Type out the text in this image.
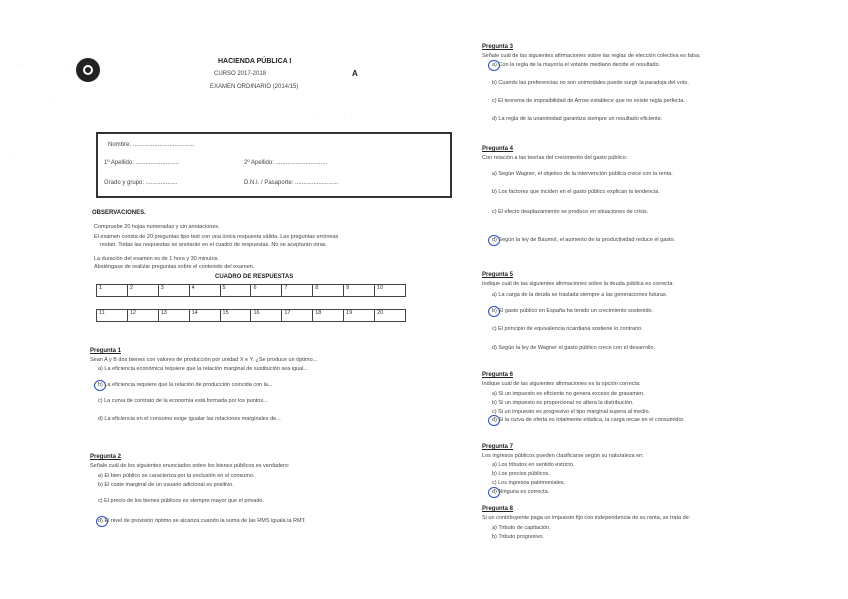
HACIENDA PÚBLICA I
CURSO 2017-2018	A
EXAMEN ORDINARIO (2014/15)
Nombre: .....................................
1º Apellido: ..........................	2º Apellido: ...............................
Grado y grupo: ...................	D.N.I. / Pasaporte: ..........................
OBSERVACIONES.
Compruebe 20 hojas numeradas y sin anotaciones.
El examen consta de 20 preguntas tipo test con una única respuesta válida. Las preguntas erróneas
restan. Todas las respuestas se anotarán en el cuadro de respuestas. No se aceptarán otras.
La duración del examen es de 1 hora y 30 minutos.
Absténgase de realizar preguntas sobre el contenido del examen.
CUADRO DE RESPUESTAS
1	2	3	4	5	6	7	8	9	10

11	12	13	14	15	16	17	18	19	20
Pregunta 1
Sean A y B dos bienes con valores de producción por unidad X e Y. ¿Se produce un óptimo...
a) La eficiencia económica requiere que la relación marginal de sustitución sea igual...
b) La eficiencia requiere que la relación de producción coincida con la...
c) La curva de contrato de la economía está formada por los puntos...
d) La eficiencia en el consumo exige igualar las relaciones marginales de...
Pregunta 2
Señale cuál de los siguientes enunciados sobre los bienes públicos es verdadero:
a) El bien público se caracteriza por la exclusión en el consumo.
b) El coste marginal de un usuario adicional es positivo.
c) El precio de los bienes públicos es siempre mayor que el privado.
d) El nivel de provisión óptimo se alcanza cuando la suma de las RMS iguala la RMT.
. . : · . : . · . · : . . ·
· . : . . · . : ·
. · : . . · . : · . .
. : · .
Pregunta 3
Señale cuál de las siguientes afirmaciones sobre las reglas de elección colectiva es falsa:
a) Con la regla de la mayoría el votante mediano decide el resultado.
b) Cuando las preferencias no son unimodales puede surgir la paradoja del voto.
c) El teorema de imposibilidad de Arrow establece que no existe regla perfecta.
d) La regla de la unanimidad garantiza siempre un resultado eficiente.
Pregunta 4
Con relación a las teorías del crecimiento del gasto público:
a) Según Wagner, el objetivo de la intervención pública crece con la renta.
b) Los factores que inciden en el gasto público explican la tendencia.
c) El efecto desplazamiento se produce en situaciones de crisis.
d) Según la ley de Baumol, el aumento de la productividad reduce el gasto.
Pregunta 5
Indique cuál de las siguientes afirmaciones sobre la deuda pública es correcta:
a) La carga de la deuda se traslada siempre a las generaciones futuras.
b) El gasto público en España ha tenido un crecimiento sostenido.
c) El principio de equivalencia ricardiana sostiene lo contrario.
d) Según la ley de Wagner el gasto público crece con el desarrollo.
Pregunta 6
Indique cuál de las siguientes afirmaciones es la opción correcta:
a) Si un impuesto es eficiente no genera exceso de gravamen.
b) Si un impuesto es proporcional no altera la distribución.
c) Si un impuesto es progresivo el tipo marginal supera al medio.
d) Si la curva de oferta es totalmente elástica, la carga recae en el consumidor.
Pregunta 7
Los ingresos públicos pueden clasificarse según su naturaleza en:
a) Los tributos en sentido estricto.
b) Los precios públicos.
c) Los ingresos patrimoniales.
d) Ninguna es correcta.
Pregunta 8
Si un contribuyente paga un impuesto fijo con independencia de su renta, se trata de:
a) Tributo de capitación.
b) Tributo progresivo.
. · :
· . :
